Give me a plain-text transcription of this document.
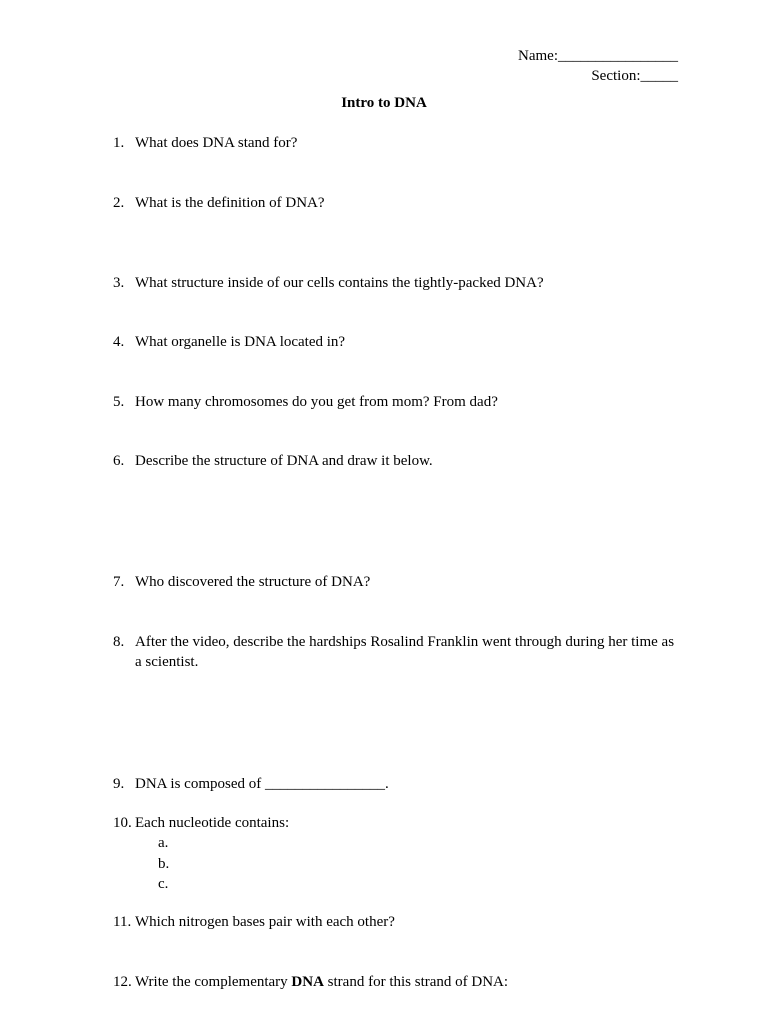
Name:________________
Section:_____
Intro to DNA
1. What does DNA stand for?
2. What is the definition of DNA?
3. What structure inside of our cells contains the tightly-packed DNA?
4. What organelle is DNA located in?
5. How many chromosomes do you get from mom? From dad?
6. Describe the structure of DNA and draw it below.
7. Who discovered the structure of DNA?
8. After the video, describe the hardships Rosalind Franklin went through during her time as a scientist.
9. DNA is composed of ________________.
10. Each nucleotide contains:
a.
b.
c.
11. Which nitrogen bases pair with each other?
12. Write the complementary DNA strand for this strand of DNA:
